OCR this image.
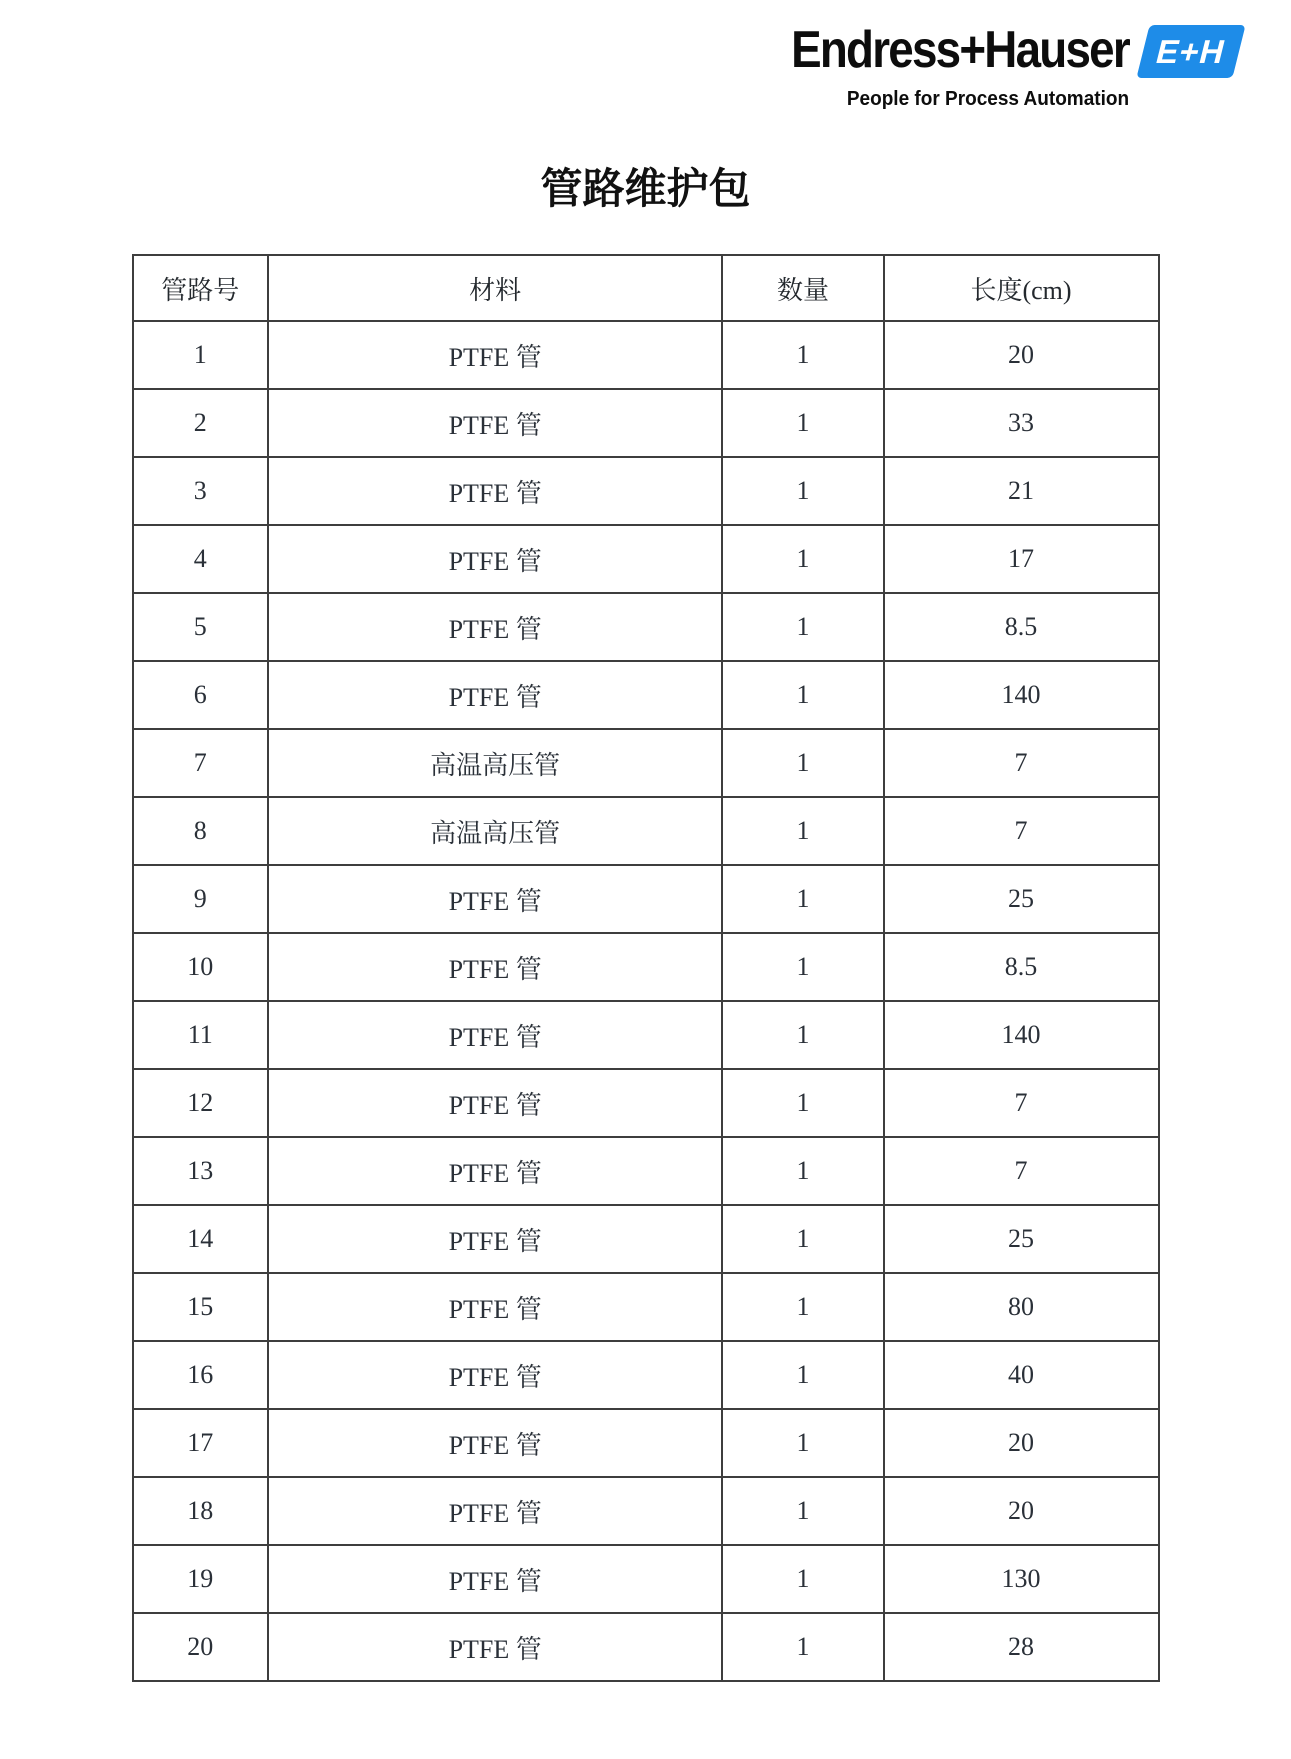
Endress+Hauser
People for Process Automation
E+H
管路维护包
管路号	材料	数量	长度(cm)
1	PTFE 管	1	20
2	PTFE 管	1	33
3	PTFE 管	1	21
4	PTFE 管	1	17
5	PTFE 管	1	8.5
6	PTFE 管	1	140
7	高温高压管	1	7
8	高温高压管	1	7
9	PTFE 管	1	25
10	PTFE 管	1	8.5
11	PTFE 管	1	140
12	PTFE 管	1	7
13	PTFE 管	1	7
14	PTFE 管	1	25
15	PTFE 管	1	80
16	PTFE 管	1	40
17	PTFE 管	1	20
18	PTFE 管	1	20
19	PTFE 管	1	130
20	PTFE 管	1	28
